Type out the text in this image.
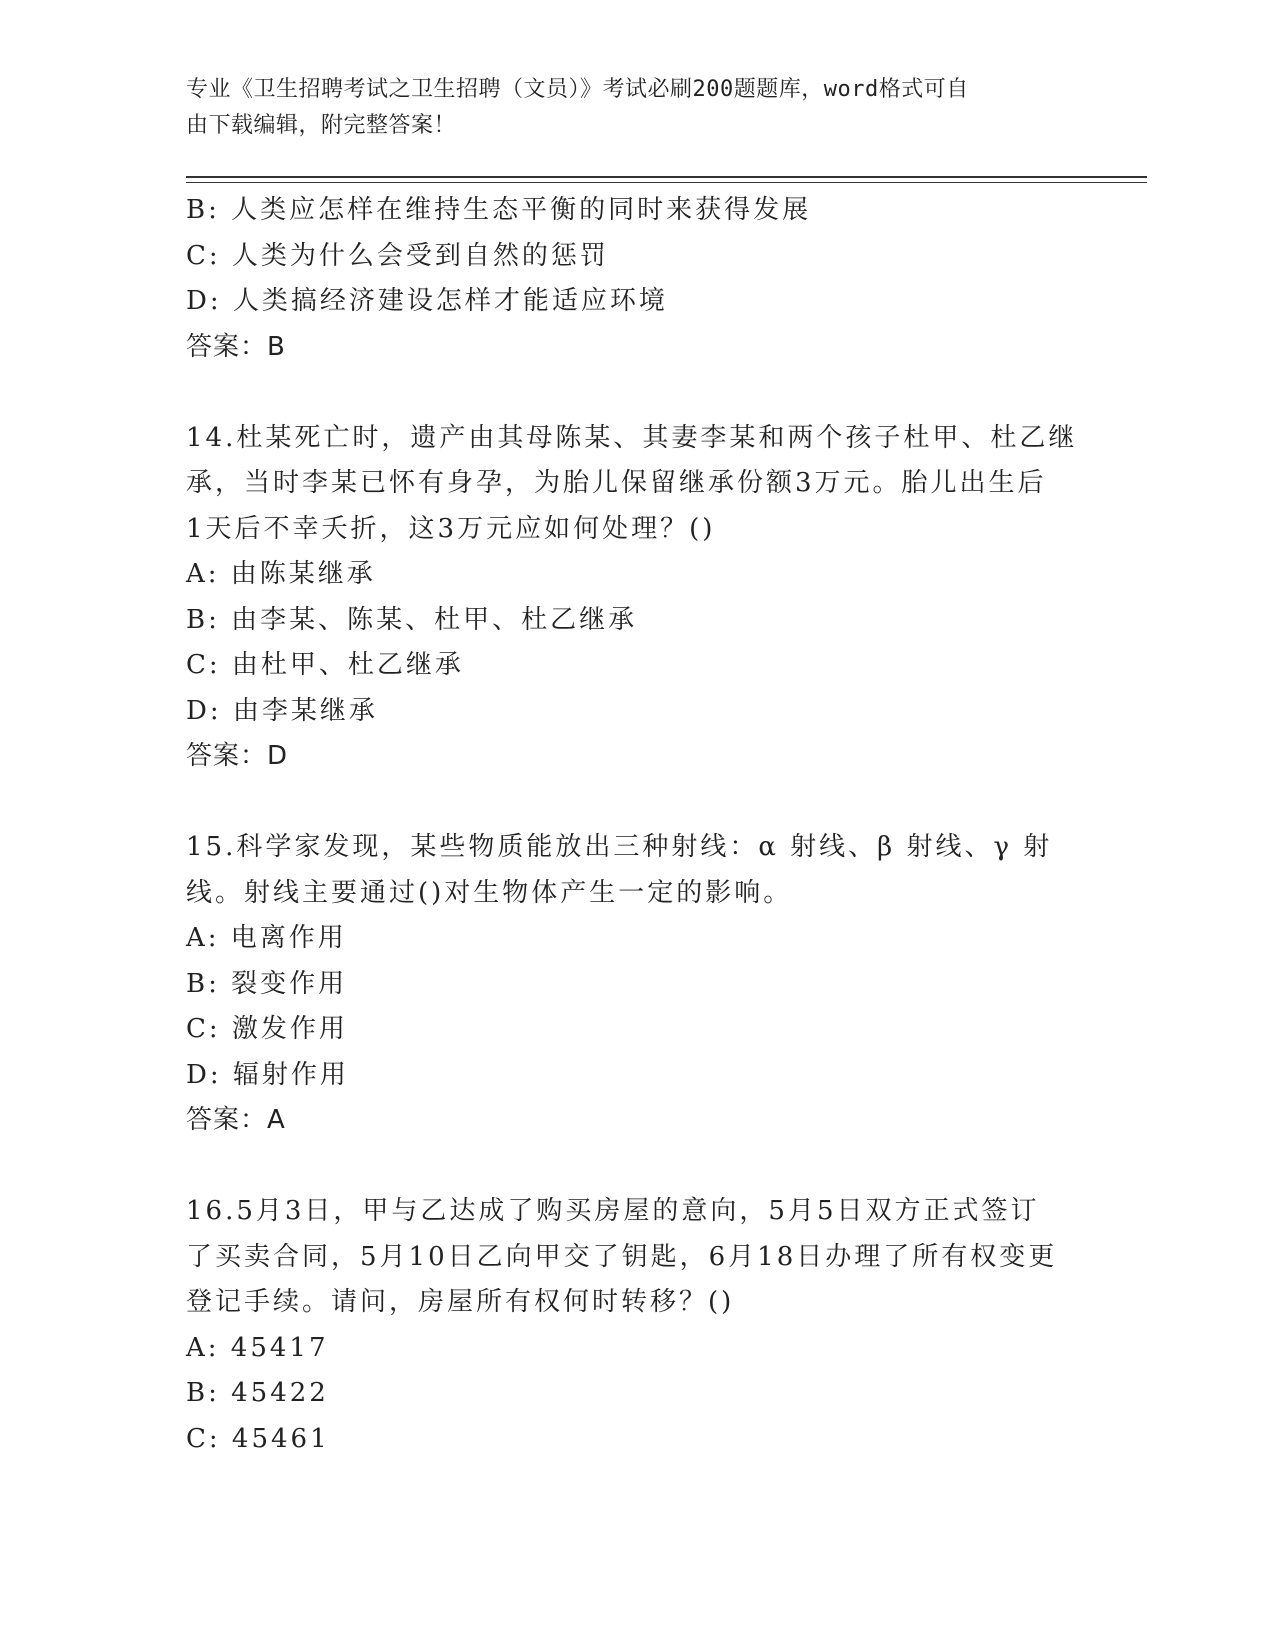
专业《卫生招聘考试之卫生招聘（文员）》考试必刷200题题库，word格式可自
由下载编辑，附完整答案！
B: 人类应怎样在维持生态平衡的同时来获得发展
C: 人类为什么会受到自然的惩罚
D: 人类搞经济建设怎样才能适应环境
答案：B
14.杜某死亡时，遗产由其母陈某、其妻李某和两个孩子杜甲、杜乙继
承，当时李某已怀有身孕，为胎儿保留继承份额3万元。胎儿出生后
1天后不幸夭折，这3万元应如何处理？()
A: 由陈某继承
B: 由李某、陈某、杜甲、杜乙继承
C: 由杜甲、杜乙继承
D: 由李某继承
答案：D
15.科学家发现，某些物质能放出三种射线：α 射线、β 射线、γ 射
线。射线主要通过()对生物体产生一定的影响。
A: 电离作用
B: 裂变作用
C: 激发作用
D: 辐射作用
答案：A
16.5月3日，甲与乙达成了购买房屋的意向，5月5日双方正式签订
了买卖合同，5月10日乙向甲交了钥匙，6月18日办理了所有权变更
登记手续。请问，房屋所有权何时转移？()
A: 45417
B: 45422
C: 45461
